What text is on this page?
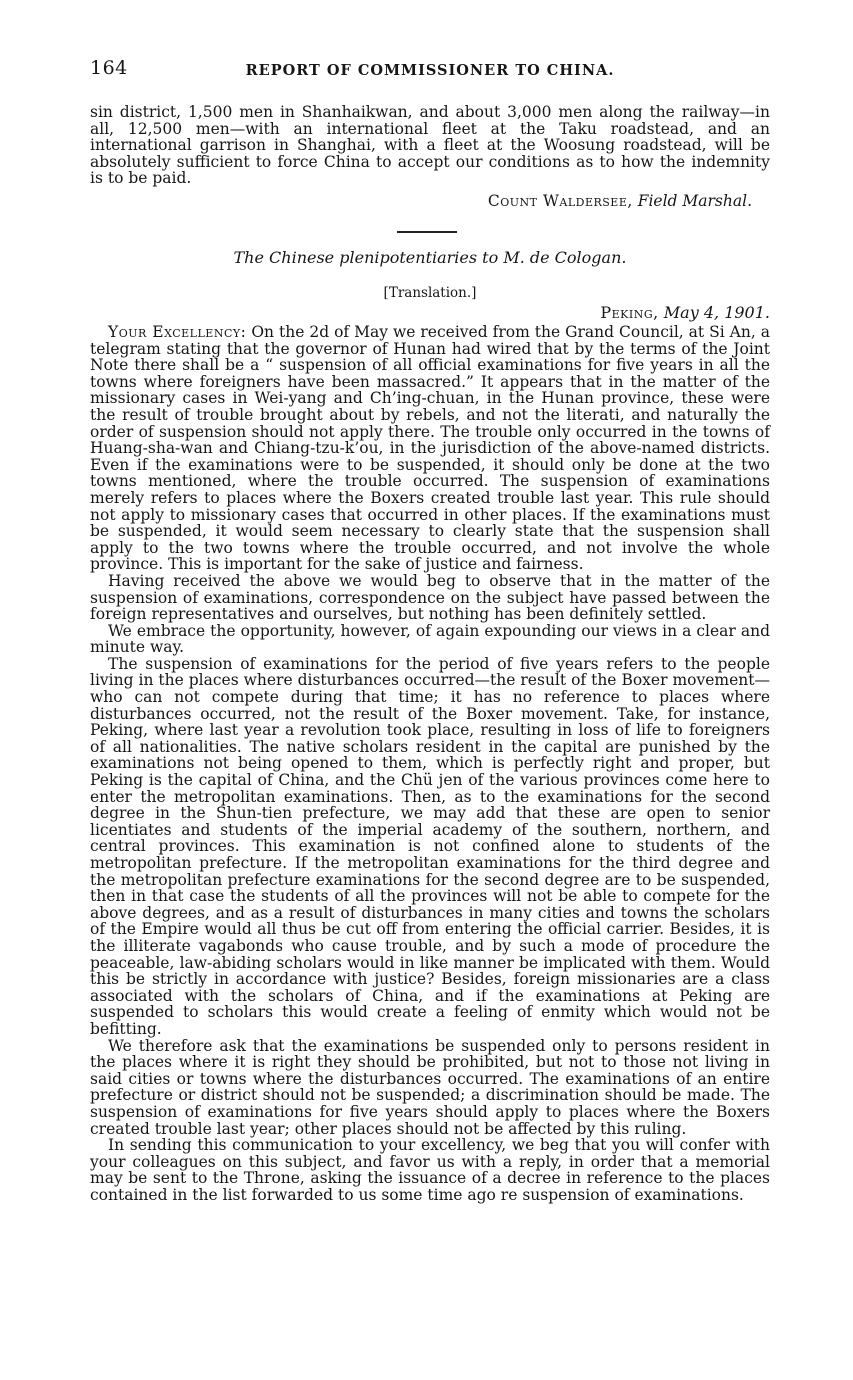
164	REPORT OF COMMISSIONER TO CHINA.

sin district, 1,500 men in Shanhaikwan, and about 3,000 men along the railway—in all, 12,500 men—with an international fleet at the Taku roadstead, and an international garrison in Shanghai, with a fleet at the Woosung roadstead, will be absolutely sufficient to force China to accept our conditions as to how the indemnity is to be paid.

Count Waldersee, Field Marshal.

The Chinese plenipotentiaries to M. de Cologan.
[Translation.]
Peking, May 4, 1901.

Your Excellency: On the 2d of May we received from the Grand Council, at Si An, a telegram stating that the governor of Hunan had wired that by the terms of the Joint Note there shall be a “ suspension of all official examinations for five years in all the towns where foreigners have been massacred.” It appears that in the matter of the missionary cases in Wei-yang and Ch’ing-chuan, in the Hunan province, these were the result of trouble brought about by rebels, and not the literati, and naturally the order of suspension should not apply there. The trouble only occurred in the towns of Huang-sha-wan and Chiang-tzu-k’ou, in the jurisdiction of the above-named districts. Even if the examinations were to be suspended, it should only be done at the two towns mentioned, where the trouble occurred. The suspension of examinations merely refers to places where the Boxers created trouble last year. This rule should not apply to missionary cases that occurred in other places. If the examinations must be suspended, it would seem necessary to clearly state that the suspension shall apply to the two towns where the trouble occurred, and not involve the whole province. This is important for the sake of justice and fairness.

Having received the above we would beg to observe that in the matter of the suspension of examinations, correspondence on the subject have passed between the foreign representatives and ourselves, but nothing has been definitely settled.

We embrace the opportunity, however, of again expounding our views in a clear and minute way.

The suspension of examinations for the period of five years refers to the people living in the places where disturbances occurred—the result of the Boxer movement—who can not compete during that time; it has no reference to places where disturbances occurred, not the result of the Boxer movement. Take, for instance, Peking, where last year a revolution took place, resulting in loss of life to foreigners of all nationalities. The native scholars resident in the capital are punished by the examinations not being opened to them, which is perfectly right and proper, but Peking is the capital of China, and the Chü jen of the various provinces come here to enter the metropolitan examinations. Then, as to the examinations for the second degree in the Shun-tien prefecture, we may add that these are open to senior licentiates and students of the imperial academy of the southern, northern, and central provinces. This examination is not confined alone to students of the metropolitan prefecture. If the metropolitan examinations for the third degree and the metropolitan prefecture examinations for the second degree are to be suspended, then in that case the students of all the provinces will not be able to compete for the above degrees, and as a result of disturbances in many cities and towns the scholars of the Empire would all thus be cut off from entering the official carrier. Besides, it is the illiterate vagabonds who cause trouble, and by such a mode of procedure the peaceable, law-abiding scholars would in like manner be implicated with them. Would this be strictly in accordance with justice? Besides, foreign missionaries are a class associated with the scholars of China, and if the examinations at Peking are suspended to scholars this would create a feeling of enmity which would not be befitting.

We therefore ask that the examinations be suspended only to persons resident in the places where it is right they should be prohibited, but not to those not living in said cities or towns where the disturbances occurred. The examinations of an entire prefecture or district should not be suspended; a discrimination should be made. The suspension of examinations for five years should apply to places where the Boxers created trouble last year; other places should not be affected by this ruling.

In sending this communication to your excellency, we beg that you will confer with your colleagues on this subject, and favor us with a reply, in order that a memorial may be sent to the Throne, asking the issuance of a decree in reference to the places contained in the list forwarded to us some time ago re suspension of examinations.
